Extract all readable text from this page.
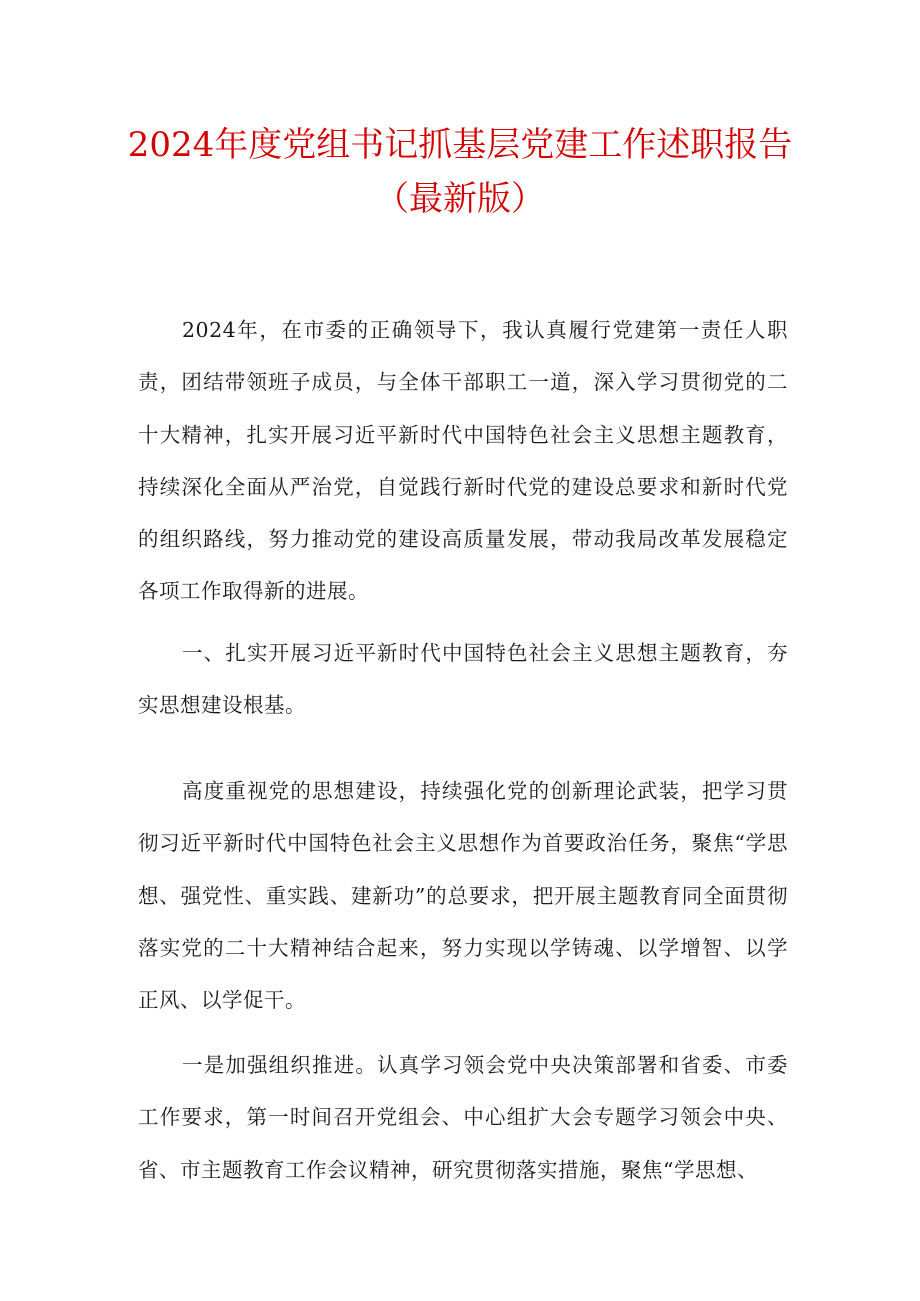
2024年度党组书记抓基层党建工作述职报告（最新版）

2024年，在市委的正确领导下，我认真履行党建第一责任人职责，团结带领班子成员，与全体干部职工一道，深入学习贯彻党的二十大精神，扎实开展习近平新时代中国特色社会主义思想主题教育，持续深化全面从严治党，自觉践行新时代党的建设总要求和新时代党的组织路线，努力推动党的建设高质量发展，带动我局改革发展稳定各项工作取得新的进展。

一、扎实开展习近平新时代中国特色社会主义思想主题教育，夯实思想建设根基。

高度重视党的思想建设，持续强化党的创新理论武装，把学习贯彻习近平新时代中国特色社会主义思想作为首要政治任务，聚焦“学思想、强党性、重实践、建新功”的总要求，把开展主题教育同全面贯彻落实党的二十大精神结合起来，努力实现以学铸魂、以学增智、以学正风、以学促干。

一是加强组织推进。认真学习领会党中央决策部署和省委、市委工作要求，第一时间召开党组会、中心组扩大会专题学习领会中央、省、市主题教育工作会议精神，研究贯彻落实措施，聚焦“学思想、
